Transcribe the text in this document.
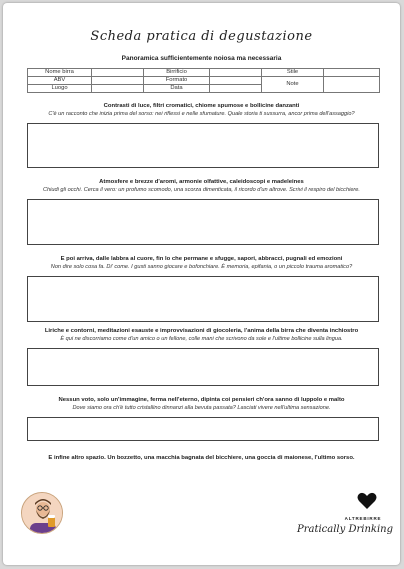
Scheda pratica di degustazione
Panoramica sufficientemente noiosa ma necessaria
Nome birra		Birrificio		Stile	
ABV		Formato		Note	
Luogo		Data			
Contrasti di luce, filtri cromatici, chiome spumose e bollicine danzanti
C'è un racconto che inizia prima del sorso: nei riflessi e nelle sfumature. Quale storia ti sussurra, ancor prima dell'assaggio?
Atmosfere e brezze d'aromi, armonie olfattive, caleidoscopi e madeleines
Chiudi gli occhi. Cerca il vero: un profumo scomodo, una scorza dimenticata, il ricordo d'un altrove. Scrivi il respiro del bicchiere.
E poi arriva, dalle labbra al cuore, fin lo che permane e sfugge, sapori, abbracci, pugnali ed emozioni
Non dire solo cosa fa. Di' come. I gusti sanno giocare e bofonchiare. È memoria, epifania, o un piccolo trauma aromatico?
Liriche e contorni, meditazioni esauste e improvvisazioni di giocoleria, l'anima della birra che diventa inchiostro
È qui ne discorriamo come d'un amico o un fellone, colle mani che scrivono da sole e l'ultime bollicine sulla lingua.
Nessun voto, solo un'immagine, ferma nell'eterno, dipinta coi pensieri ch'ora sanno di luppolo e malto
Dove siamo ora ch'è tutto cristallino dinnanzi alla bevuta passata? Lasciati vivere nell'ultima sensazione.
E infine altro spazio. Un bozzetto, una macchia bagnata del bicchiere, una goccia di maionese, l'ultimo sorso.
ALTREBIRRE
Pratically Drinking
